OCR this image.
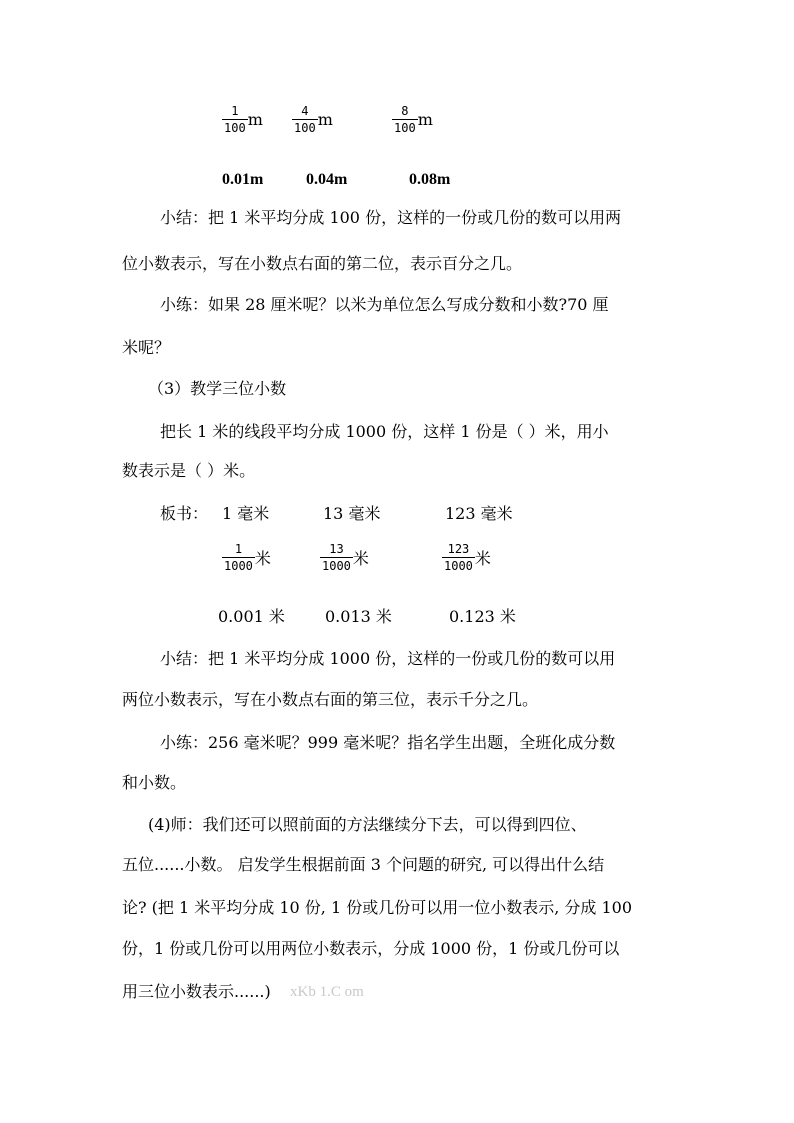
$\frac{1}{100}$ m $\frac{4}{100}$ m	$\frac{8}{100}$ m
0.01m	0.04m	0.08m
小结：把 1 米平均分成 100 份，这样的一份或几份的数可以用两
位小数表示，写在小数点右面的第二位，表示百分之几。
小练：如果 28 厘米呢？以米为单位怎么写成分数和小数?70 厘
米呢？
（3）教学三位小数
把长 1 米的线段平均分成 1000 份，这样 1 份是（ ）米，用小
数表示是（ ）米。
板书： 1 毫米	13 毫米	123 毫米
$\frac{1}{1000}$ 米	$\frac{13}{1000}$ 米	$\frac{123}{1000}$ 米
0.001 米	0.013 米	0.123 米
小结：把 1 米平均分成 1000 份，这样的一份或几份的数可以用
两位小数表示，写在小数点右面的第三位，表示千分之几。
小练：256 毫米呢？999 毫米呢？指名学生出题，全班化成分数
和小数。
(4)师：我们还可以照前面的方法继续分下去，可以得到四位、
五位......小数。 启发学生根据前面 3 个问题的研究, 可以得出什么结
论? (把 1 米平均分成 10 份, 1 份或几份可以用一位小数表示, 分成 100
份，1 份或几份可以用两位小数表示，分成 1000 份，1 份或几份可以
用三位小数表示......) xKb 1.C om
